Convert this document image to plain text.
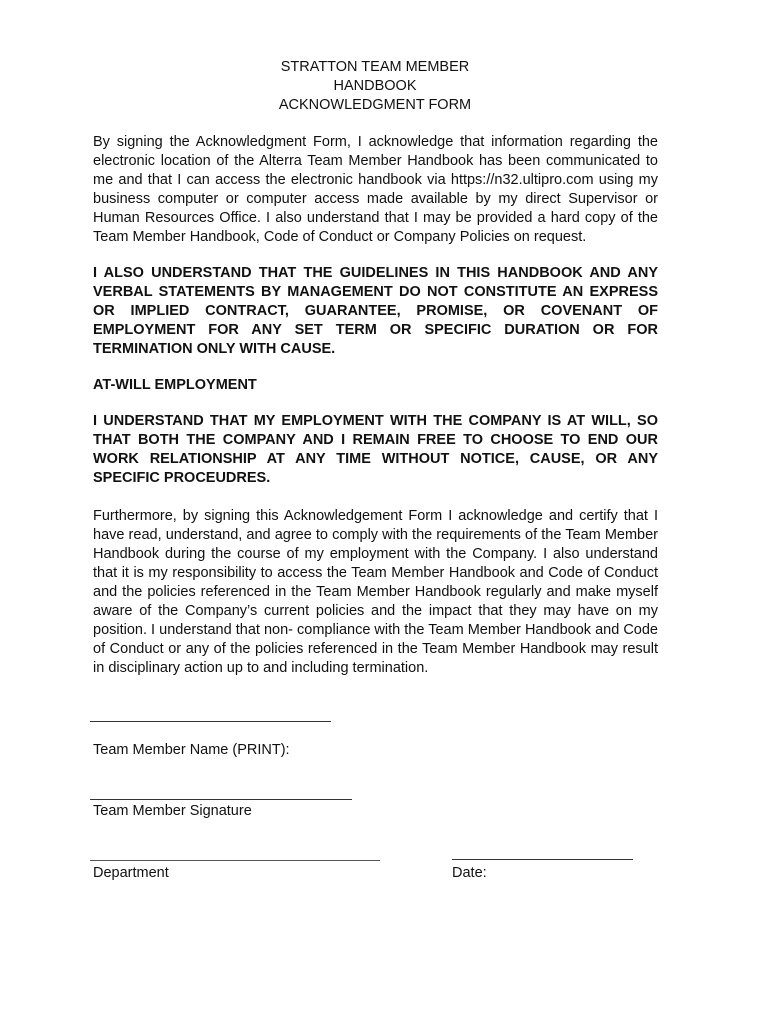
STRATTON TEAM MEMBER
HANDBOOK
ACKNOWLEDGMENT FORM

By signing the Acknowledgment Form, I acknowledge that information regarding the electronic location of the Alterra Team Member Handbook has been communicated to me and that I can access the electronic handbook via https://n32.ultipro.com using my business computer or computer access made available by my direct Supervisor or Human Resources Office. I also understand that I may be provided a hard copy of the Team Member Handbook, Code of Conduct or Company Policies on request.

I ALSO UNDERSTAND THAT THE GUIDELINES IN THIS HANDBOOK AND ANY VERBAL STATEMENTS BY MANAGEMENT DO NOT CONSTITUTE AN EXPRESS OR IMPLIED CONTRACT, GUARANTEE, PROMISE, OR COVENANT OF EMPLOYMENT FOR ANY SET TERM OR SPECIFIC DURATION OR FOR TERMINATION ONLY WITH CAUSE.

AT-WILL EMPLOYMENT

I UNDERSTAND THAT MY EMPLOYMENT WITH THE COMPANY IS AT WILL, SO THAT BOTH THE COMPANY AND I REMAIN FREE TO CHOOSE TO END OUR WORK RELATIONSHIP AT ANY TIME WITHOUT NOTICE, CAUSE, OR ANY SPECIFIC PROCEUDRES.

Furthermore, by signing this Acknowledgement Form I acknowledge and certify that I have read, understand, and agree to comply with the requirements of the Team Member Handbook during the course of my employment with the Company. I also understand that it is my responsibility to access the Team Member Handbook and Code of Conduct and the policies referenced in the Team Member Handbook regularly and make myself aware of the Company’s current policies and the impact that they may have on my position. I understand that non- compliance with the Team Member Handbook and Code of Conduct or any of the policies referenced in the Team Member Handbook may result in disciplinary action up to and including termination.

Team Member Name (PRINT):
Team Member Signature
Department	Date:
